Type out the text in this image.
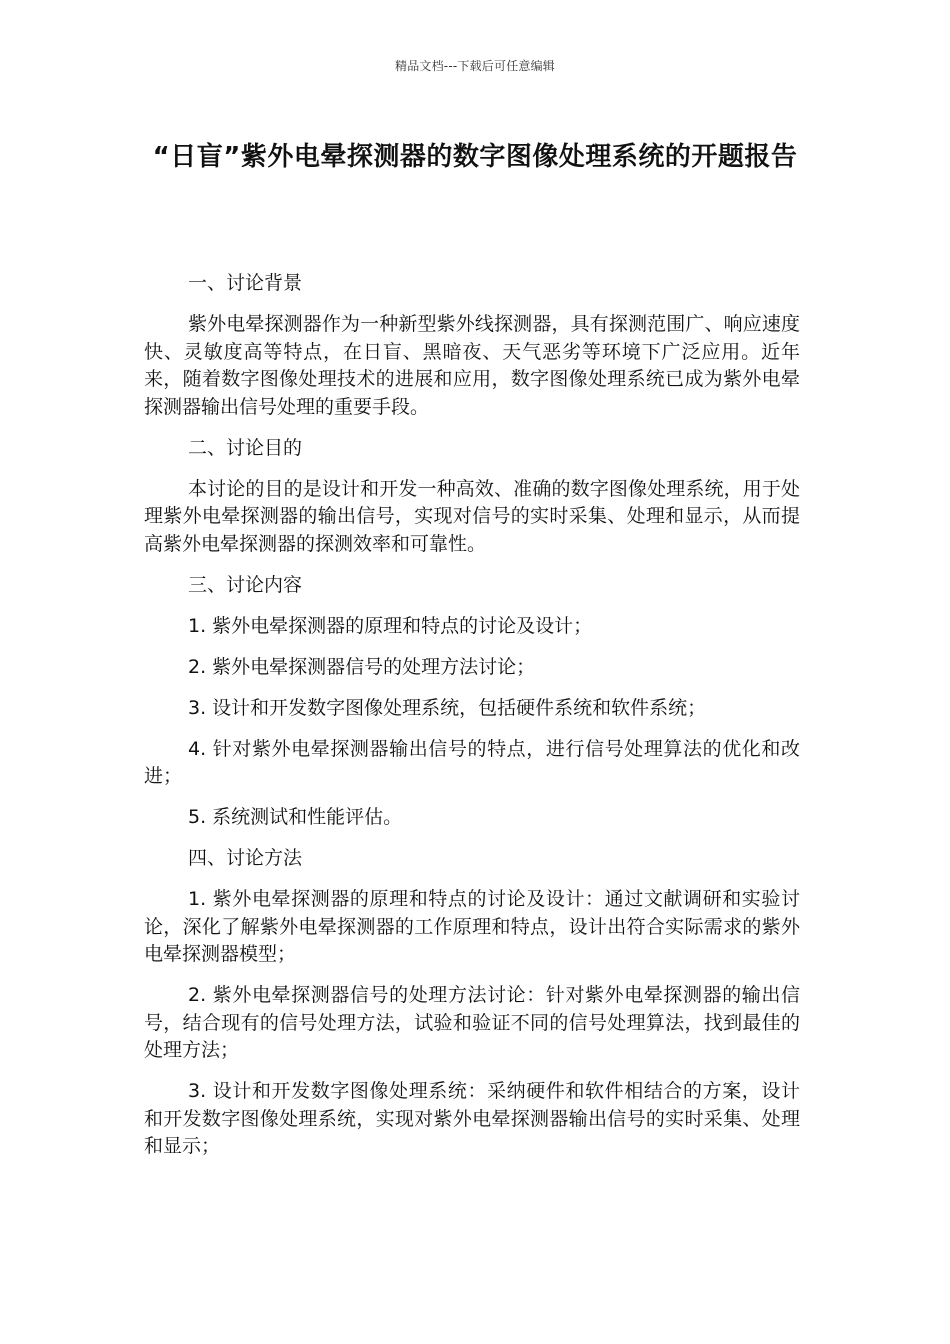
精品文档---下载后可任意编辑
“日盲”紫外电晕探测器的数字图像处理系统的开题报告

一、讨论背景

紫外电晕探测器作为一种新型紫外线探测器，具有探测范围广、响应速度快、灵敏度高等特点，在日盲、黑暗夜、天气恶劣等环境下广泛应用。近年来，随着数字图像处理技术的进展和应用，数字图像处理系统已成为紫外电晕探测器输出信号处理的重要手段。

二、讨论目的

本讨论的目的是设计和开发一种高效、准确的数字图像处理系统，用于处理紫外电晕探测器的输出信号，实现对信号的实时采集、处理和显示，从而提高紫外电晕探测器的探测效率和可靠性。

三、讨论内容

1. 紫外电晕探测器的原理和特点的讨论及设计；

2. 紫外电晕探测器信号的处理方法讨论；

3. 设计和开发数字图像处理系统，包括硬件系统和软件系统；

4. 针对紫外电晕探测器输出信号的特点，进行信号处理算法的优化和改进；

5. 系统测试和性能评估。

四、讨论方法

1. 紫外电晕探测器的原理和特点的讨论及设计：通过文献调研和实验讨论，深化了解紫外电晕探测器的工作原理和特点，设计出符合实际需求的紫外电晕探测器模型；

2. 紫外电晕探测器信号的处理方法讨论：针对紫外电晕探测器的输出信号，结合现有的信号处理方法，试验和验证不同的信号处理算法，找到最佳的处理方法；

3. 设计和开发数字图像处理系统：采纳硬件和软件相结合的方案，设计和开发数字图像处理系统，实现对紫外电晕探测器输出信号的实时采集、处理和显示；
